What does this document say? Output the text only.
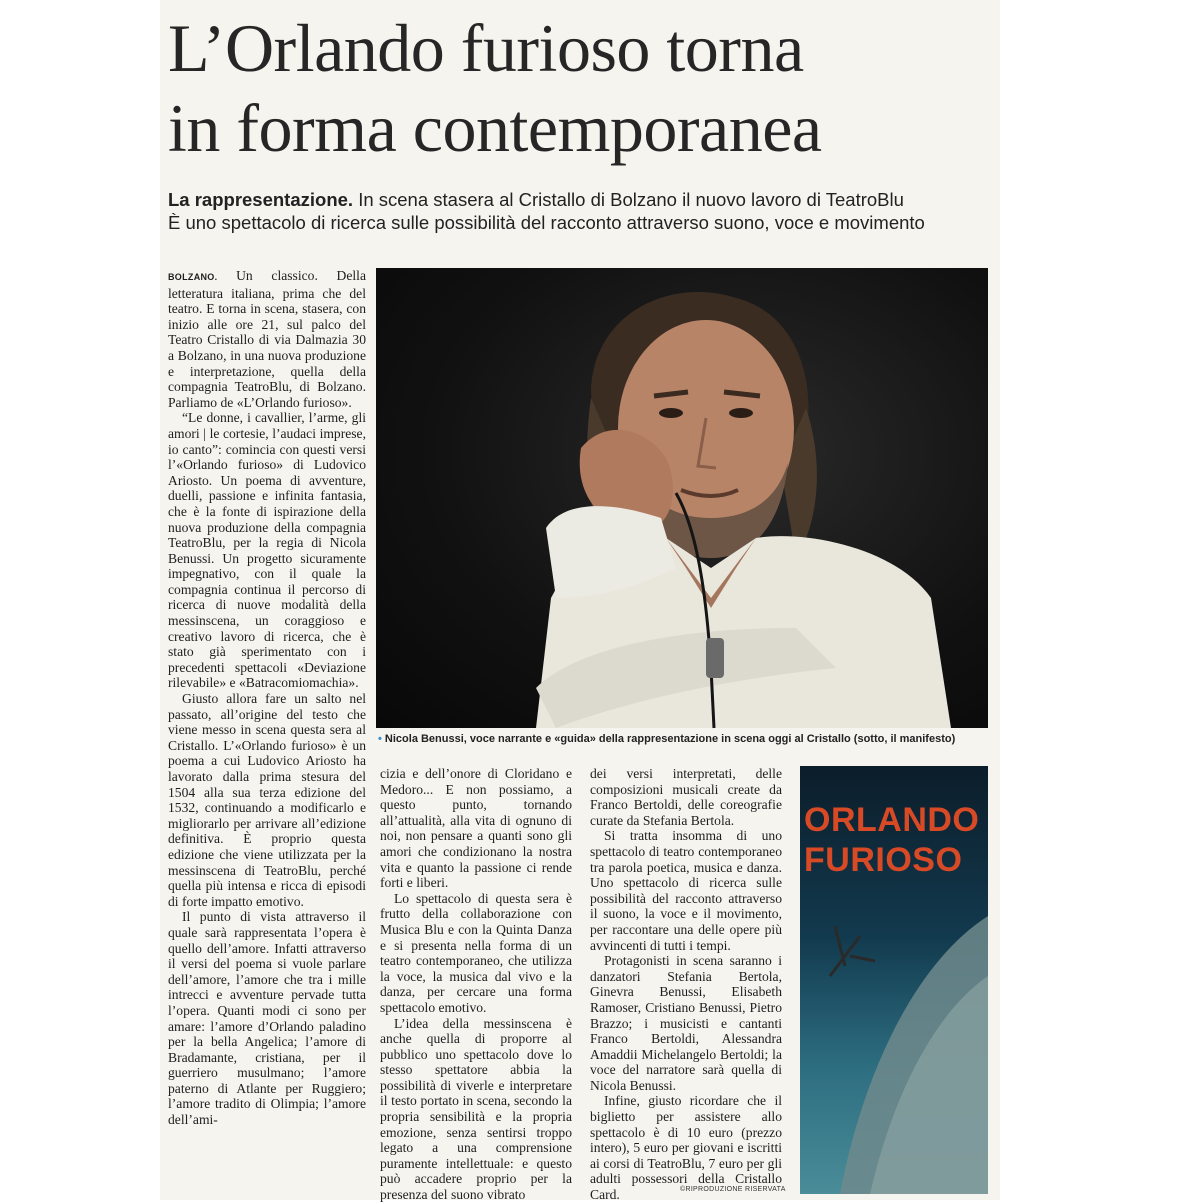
L’Orlando furioso torna
in forma contemporanea
La rappresentazione. In scena stasera al Cristallo di Bolzano il nuovo lavoro di TeatroBlu
È uno spettacolo di ricerca sulle possibilità del racconto attraverso suono, voce e movimento

BOLZANO. Un classico. Della letteratura italiana, prima che del teatro. E torna in scena, stasera, con inizio alle ore 21, sul palco del Teatro Cristallo di via Dalmazia 30 a Bolzano, in una nuova produzione e interpretazione, quella della compagnia TeatroBlu, di Bolzano. Parliamo de «L’Orlando furioso».

“Le donne, i cavallier, l’arme, gli amori | le cortesie, l’audaci imprese, io canto”: comincia con questi versi l’«Orlando furioso» di Ludovico Ariosto. Un poema di avventure, duelli, passione e infinita fantasia, che è la fonte di ispirazione della nuova produzione della compagnia TeatroBlu, per la regia di Nicola Benussi. Un progetto sicuramente impegnativo, con il quale la compagnia continua il percorso di ricerca di nuove modalità della messinscena, un coraggioso e creativo lavoro di ricerca, che è stato già sperimentato con i precedenti spettacoli «Deviazione rilevabile» e «Batracomiomachia».

Giusto allora fare un salto nel passato, all’origine del testo che viene messo in scena questa sera al Cristallo. L’«Orlando furioso» è un poema a cui Ludovico Ariosto ha lavorato dalla prima stesura del 1504 alla sua terza edizione del 1532, continuando a modificarlo e migliorarlo per arrivare all’edizione definitiva. È proprio questa edizione che viene utilizzata per la messinscena di TeatroBlu, perché quella più intensa e ricca di episodi di forte impatto emotivo.

Il punto di vista attraverso il quale sarà rappresentata l’opera è quello dell’amore. Infatti attraverso il versi del poema si vuole parlare dell’amore, l’amore che tra i mille intrecci e avventure pervade tutta l’opera. Quanti modi ci sono per amare: l’amore d’Orlando paladino per la bella Angelica; l’amore di Bradamante, cristiana, per il guerriero musulmano; l’amore paterno di Atlante per Ruggiero; l’amore tradito di Olimpia; l’amore dell’ami-

• Nicola Benussi, voce narrante e «guida» della rappresentazione in scena oggi al Cristallo (sotto, il manifesto)

cizia e dell’onore di Cloridano e Medoro... E non possiamo, a questo punto, tornando all’attualità, alla vita di ognuno di noi, non pensare a quanti sono gli amori che condizionano la nostra vita e quanto la passione ci rende forti e liberi.

Lo spettacolo di questa sera è frutto della collaborazione con Musica Blu e con la Quinta Danza e si presenta nella forma di un teatro contemporaneo, che utilizza la voce, la musica dal vivo e la danza, per cercare una forma spettacolo emotivo.

L’idea della messinscena è anche quella di proporre al pubblico uno spettacolo dove lo stesso spettatore abbia la possibilità di viverle e interpretare il testo portato in scena, secondo la propria sensibilità e la propria emozione, senza sentirsi troppo legato a una comprensione puramente intellettuale: e questo può accadere proprio per la presenza del suono vibrato

dei versi interpretati, delle composizioni musicali create da Franco Bertoldi, delle coreografie curate da Stefania Bertola.

Si tratta insomma di uno spettacolo di teatro contemporaneo tra parola poetica, musica e danza. Uno spettacolo di ricerca sulle possibilità del racconto attraverso il suono, la voce e il movimento, per raccontare una delle opere più avvincenti di tutti i tempi.

Protagonisti in scena saranno i danzatori Stefania Bertola, Ginevra Benussi, Elisabeth Ramoser, Cristiano Benussi, Pietro Brazzo; i musicisti e cantanti Franco Bertoldi, Alessandra Amaddii Michelangelo Bertoldi; la voce del narratore sarà quella di Nicola Benussi.

Infine, giusto ricordare che il biglietto per assistere allo spettacolo è di 10 euro (prezzo intero), 5 euro per giovani e iscritti ai corsi di TeatroBlu, 7 euro per gli adulti possessori della Cristallo Card.

ORLANDO
FURIOSO
©RIPRODUZIONE RISERVATA
